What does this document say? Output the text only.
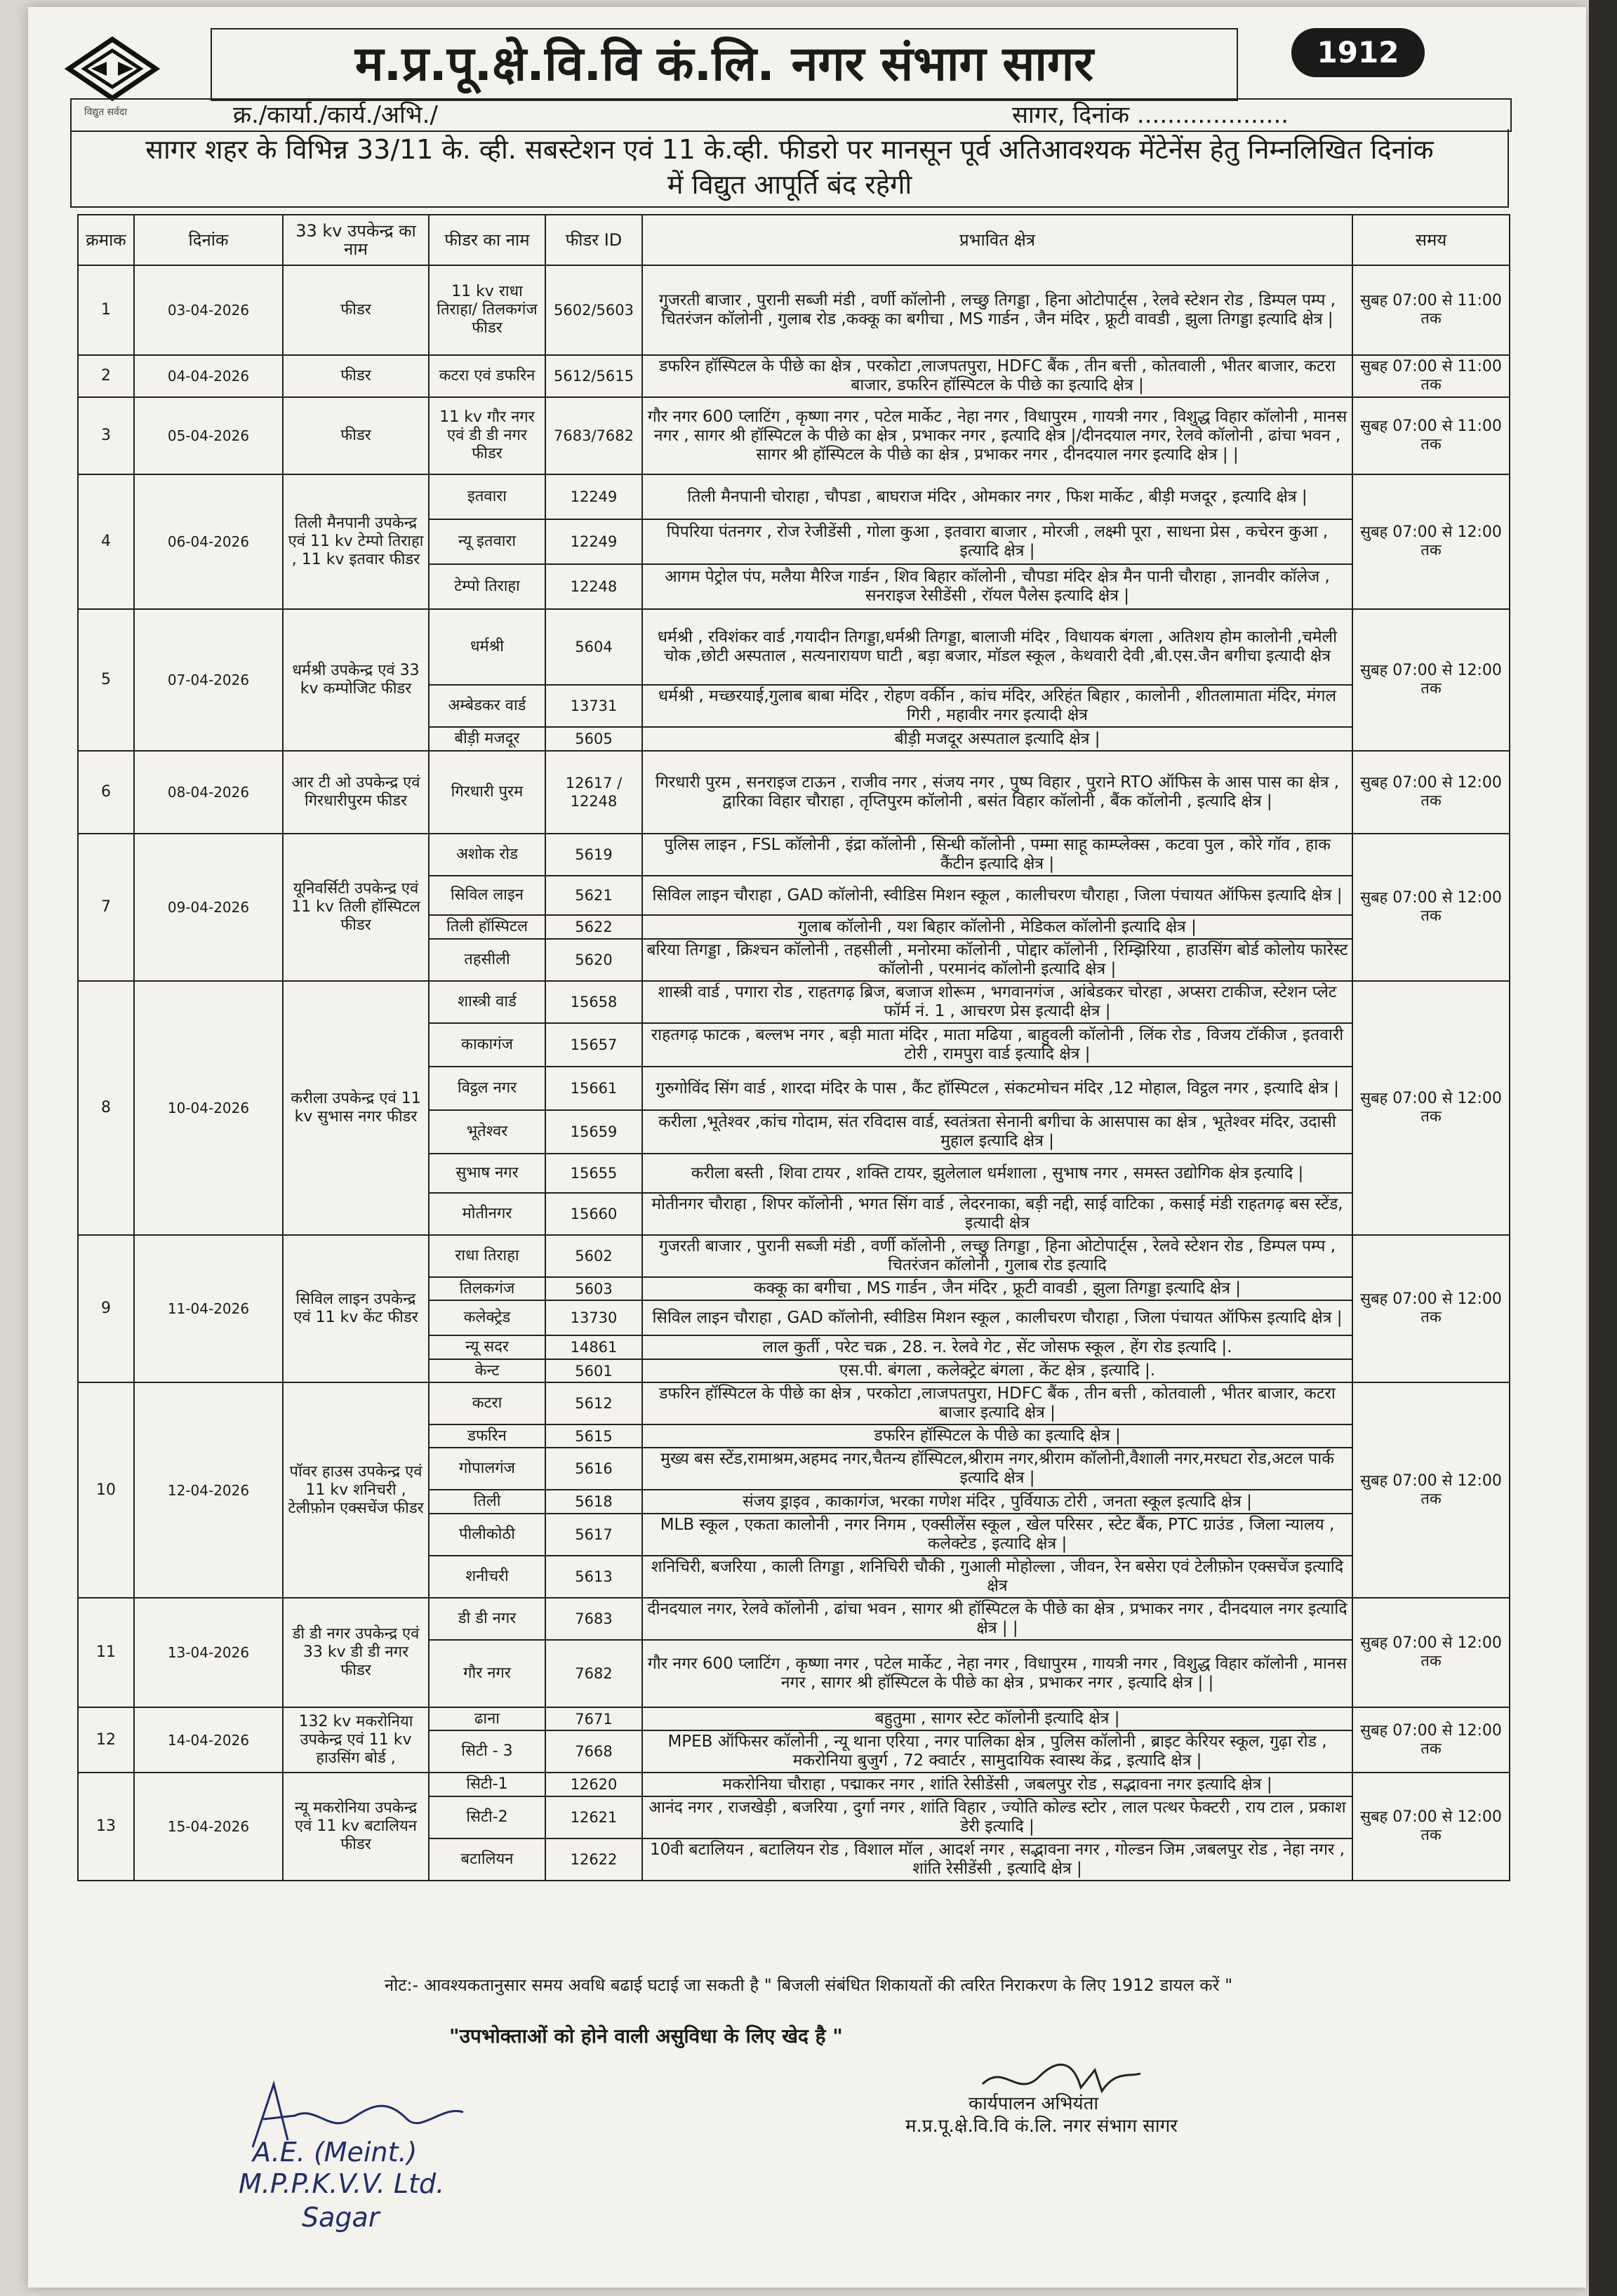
विद्युत सर्वदा
1912
म.प्र.पू.क्षे.वि.वि कं.लि. नगर संभाग सागर
क्र./कार्या./कार्य./अभि./	सागर, दिनांक ....................
सागर शहर के विभिन्न 33/11 के. व्ही. सबस्टेशन एवं 11 के.व्ही. फीडरो पर मानसून पूर्व अतिआवश्यक मेंटेनेंस हेतु निम्नलिखित दिनांक
में विद्युत आपूर्ति बंद रहेगी
क्रमाक	दिनांक	33 kv उपकेन्द्र का नाम	फीडर का नाम	फीडर ID	प्रभावित क्षेत्र	समय
1	03-04-2026	फीडर	11 kv राधा तिराहा/ तिलकगंज फीडर	5602/5603	गुजरती बाजार , पुरानी सब्जी मंडी , वर्णी कॉलोनी , लच्छु तिगड्डा , हिना ओटोपार्ट्स , रेलवे स्टेशन रोड , डिम्पल पम्प , चितरंजन कॉलोनी , गुलाब रोड ,कक्कू का बगीचा , MS गार्डन , जैन मंदिर , फ्रूटी वावडी , झुला तिगड्डा इत्यादि क्षेत्र |	सुबह 07:00 से 11:00 तक
2	04-04-2026	फीडर	कटरा एवं डफरिन	5612/5615	डफरिन हॉस्पिटल के पीछे का क्षेत्र , परकोटा ,लाजपतपुरा, HDFC बैंक , तीन बत्ती , कोतवाली , भीतर बाजार, कटरा बाजार, डफरिन हॉस्पिटल के पीछे का इत्यादि क्षेत्र |	सुबह 07:00 से 11:00 तक
3	05-04-2026	फीडर	11 kv गौर नगर एवं डी डी नगर फीडर	7683/7682	गौर नगर 600 प्लाटिंग , कृष्णा नगर , पटेल मार्केट , नेहा नगर , विधापुरम , गायत्री नगर , विशुद्ध विहार कॉलोनी , मानस नगर , सागर श्री हॉस्पिटल के पीछे का क्षेत्र , प्रभाकर नगर , इत्यादि क्षेत्र |/दीनदयाल नगर, रेलवे कॉलोनी , ढांचा भवन , सागर श्री हॉस्पिटल के पीछे का क्षेत्र , प्रभाकर नगर , दीनदयाल नगर इत्यादि क्षेत्र | |	सुबह 07:00 से 11:00 तक
4	06-04-2026	तिली मैनपानी उपकेन्द्र एवं 11 kv टेम्पो तिराहा , 11 kv इतवार फीडर	इतवारा	12249	तिली मैनपानी चोराहा , चौपडा , बाघराज मंदिर , ओमकार नगर , फिश मार्केट , बीड़ी मजदूर , इत्यादि क्षेत्र |	सुबह 07:00 से 12:00 तक
			न्यू इतवारा	12249	पिपरिया पंतनगर , रोज रेजीडेंसी , गोला कुआ , इतवारा बाजार , मोरजी , लक्ष्मी पूरा , साधना प्रेस , कचेरन कुआ , इत्यादि क्षेत्र |	
			टेम्पो तिराहा	12248	आगम पेट्रोल पंप, मलैया मैरिज गार्डन , शिव बिहार कॉलोनी , चौपडा मंदिर क्षेत्र मैन पानी चौराहा , ज्ञानवीर कॉलेज , सनराइज रेसीडेंसी , रॉयल पैलेस इत्यादि क्षेत्र |	
5	07-04-2026	धर्मश्री उपकेन्द्र एवं 33 kv कम्पोजिट फीडर	धर्मश्री	5604	धर्मश्री , रविशंकर वार्ड ,गयादीन तिगड्डा,धर्मश्री तिगड्डा, बालाजी मंदिर , विधायक बंगला , अतिशय होम कालोनी ,चमेली चोक ,छोटी अस्पताल , सत्यनारायण घाटी , बड़ा बजार, मॉडल स्कूल , केथवारी देवी ,बी.एस.जैन बगीचा इत्यादी क्षेत्र	सुबह 07:00 से 12:00 तक
			अम्बेडकर वार्ड	13731	धर्मश्री , मच्छरयाई,गुलाब बाबा मंदिर , रोहण वर्कीन , कांच मंदिर, अरिहंत बिहार , कालोनी , शीतलामाता मंदिर, मंगल गिरी , महावीर नगर इत्यादी क्षेत्र	
			बीड़ी मजदूर	5605	बीड़ी मजदूर अस्पताल इत्यादि क्षेत्र |	
6	08-04-2026	आर टी ओ उपकेन्द्र एवं गिरधारीपुरम फीडर	गिरधारी पुरम	12617 / 12248	गिरधारी पुरम , सनराइज टाऊन , राजीव नगर , संजय नगर , पुष्प विहार , पुराने RTO ऑफिस के आस पास का क्षेत्र , द्वारिका विहार चौराहा , तृप्तिपुरम कॉलोनी , बसंत विहार कॉलोनी , बैंक कॉलोनी , इत्यादि क्षेत्र |	सुबह 07:00 से 12:00 तक
7	09-04-2026	यूनिवर्सिटी उपकेन्द्र एवं 11 kv तिली हॉस्पिटल फीडर	अशोक रोड	5619	पुलिस लाइन , FSL कॉलोनी , इंद्रा कॉलोनी , सिन्धी कॉलोनी , पम्मा साहू काम्प्लेक्स , कटवा पुल , कोरे गॉव , हाक कैंटीन इत्यादि क्षेत्र |	सुबह 07:00 से 12:00 तक
			सिविल लाइन	5621	सिविल लाइन चौराहा , GAD कॉलोनी, स्वीडिस मिशन स्कूल , कालीचरण चौराहा , जिला पंचायत ऑफिस इत्यादि क्षेत्र |	
			तिली हॉस्पिटल	5622	गुलाब कॉलोनी , यश बिहार कॉलोनी , मेडिकल कॉलोनी इत्यादि क्षेत्र |	
			तहसीली	5620	बरिया तिगड्डा , क्रिश्चन कॉलोनी , तहसीली , मनोरमा कॉलोनी , पोद्दार कॉलोनी , रिम्झिरिया , हाउसिंग बोर्ड कोलोय फारेस्ट कॉलोनी , परमानंद कॉलोनी इत्यादि क्षेत्र |	
8	10-04-2026	करीला उपकेन्द्र एवं 11 kv सुभास नगर फीडर	शास्त्री वार्ड	15658	शास्त्री वार्ड , पगारा रोड , राहतगढ़ ब्रिज, बजाज शोरूम , भगवानगंज , आंबेडकर चोरहा , अप्सरा टाकीज, स्टेशन प्लेट फॉर्म नं. 1 , आचरण प्रेस इत्यादी क्षेत्र |	सुबह 07:00 से 12:00 तक
			काकागंज	15657	राहतगढ़ फाटक , बल्लभ नगर , बड़ी माता मंदिर , माता मढिया , बाहुवली कॉलोनी , लिंक रोड , विजय टॉकीज , इतवारी टोरी , रामपुरा वार्ड इत्यादि क्षेत्र |	
			विट्ठल नगर	15661	गुरुगोविंद सिंग वार्ड , शारदा मंदिर के पास , कैंट हॉस्पिटल , संकटमोचन मंदिर ,12 मोहाल, विट्ठल नगर , इत्यादि क्षेत्र |	
			भूतेश्वर	15659	करीला ,भूतेश्वर ,कांच गोदाम, संत रविदास वार्ड, स्वतंत्रता सेनानी बगीचा के आसपास का क्षेत्र , भूतेश्वर मंदिर, उदासी मुहाल इत्यादि क्षेत्र |	
			सुभाष नगर	15655	करीला बस्ती , शिवा टायर , शक्ति टायर, झुलेलाल धर्मशाला , सुभाष नगर , समस्त उद्योगिक क्षेत्र इत्यादि |	
			मोतीनगर	15660	मोतीनगर चौराहा , शिपर कॉलोनी , भगत सिंग वार्ड , लेदरनाका, बड़ी नद्दी, साई वाटिका , कसाई मंडी राहतगढ़ बस स्टेंड, इत्यादी क्षेत्र	
9	11-04-2026	सिविल लाइन उपकेन्द्र एवं 11 kv केंट फीडर	राधा तिराहा	5602	गुजरती बाजार , पुरानी सब्जी मंडी , वर्णी कॉलोनी , लच्छु तिगड्डा , हिना ओटोपार्ट्स , रेलवे स्टेशन रोड , डिम्पल पम्प , चितरंजन कॉलोनी , गुलाब रोड इत्यादि	सुबह 07:00 से 12:00 तक
			तिलकगंज	5603	कक्कू का बगीचा , MS गार्डन , जैन मंदिर , फ्रूटी वावडी , झुला तिगड्डा इत्यादि क्षेत्र |	
			कलेक्ट्रेड	13730	सिविल लाइन चौराहा , GAD कॉलोनी, स्वीडिस मिशन स्कूल , कालीचरण चौराहा , जिला पंचायत ऑफिस इत्यादि क्षेत्र |	
			न्यू सदर	14861	लाल कुर्ती , परेट चक्र , 28. न. रेलवे गेट , सेंट जोसफ स्कूल , हेंग रोड इत्यादि |.	
			केन्ट	5601	एस.पी. बंगला , कलेक्ट्रेट बंगला , केंट क्षेत्र , इत्यादि |.	
10	12-04-2026	पॉवर हाउस उपकेन्द्र एवं 11 kv शनिचरी , टेलीफ़ोन एक्सचेंज फीडर	कटरा	5612	डफरिन हॉस्पिटल के पीछे का क्षेत्र , परकोटा ,लाजपतपुरा, HDFC बैंक , तीन बत्ती , कोतवाली , भीतर बाजार, कटरा बाजार इत्यादि क्षेत्र |	सुबह 07:00 से 12:00 तक
			डफरिन	5615	डफरिन हॉस्पिटल के पीछे का इत्यादि क्षेत्र |	
			गोपालगंज	5616	मुख्य बस स्टेंड,रामाश्रम,अहमद नगर,चैतन्य हॉस्पिटल,श्रीराम नगर,श्रीराम कॉलोनी,वैशाली नगर,मरघटा रोड,अटल पार्क इत्यादि क्षेत्र |	
			तिली	5618	संजय ड्राइव , काकागंज, भरका गणेश मंदिर , पुर्वियाऊ टोरी , जनता स्कूल इत्यादि क्षेत्र |	
			पीलीकोठी	5617	MLB स्कूल , एकता कालोनी , नगर निगम , एक्सीलेंस स्कूल , खेल परिसर , स्टेट बैंक, PTC ग्राउंड , जिला न्यालय , कलेक्टेड , इत्यादि क्षेत्र |	
			शनीचरी	5613	शनिचिरी, बजरिया , काली तिगड्डा , शनिचिरी चौकी , गुआली मोहोल्ला , जीवन, रेन बसेरा एवं टेलीफ़ोन एक्सचेंज इत्यादि क्षेत्र	
11	13-04-2026	डी डी नगर उपकेन्द्र एवं 33 kv डी डी नगर फीडर	डी डी नगर	7683	दीनदयाल नगर, रेलवे कॉलोनी , ढांचा भवन , सागर श्री हॉस्पिटल के पीछे का क्षेत्र , प्रभाकर नगर , दीनदयाल नगर इत्यादि क्षेत्र | |	सुबह 07:00 से 12:00 तक
			गौर नगर	7682	गौर नगर 600 प्लाटिंग , कृष्णा नगर , पटेल मार्केट , नेहा नगर , विधापुरम , गायत्री नगर , विशुद्ध विहार कॉलोनी , मानस नगर , सागर श्री हॉस्पिटल के पीछे का क्षेत्र , प्रभाकर नगर , इत्यादि क्षेत्र | |	
12	14-04-2026	132 kv मकरोनिया उपकेन्द्र एवं 11 kv हाउसिंग बोर्ड ,	ढाना	7671	बहुतुमा , सागर स्टेट कॉलोनी इत्यादि क्षेत्र |	सुबह 07:00 से 12:00 तक
			सिटी - 3	7668	MPEB ऑफिसर कॉलोनी , न्यू थाना एरिया , नगर पालिका क्षेत्र , पुलिस कॉलोनी , ब्राइट केरियर स्कूल, गुढ़ा रोड , मकरोनिया बुजुर्ग , 72 क्वार्टर , सामुदायिक स्वास्थ केंद्र , इत्यादि क्षेत्र |	
13	15-04-2026	न्यू मकरोनिया उपकेन्द्र एवं 11 kv बटालियन फीडर	सिटी-1	12620	मकरोनिया चौराहा , पद्माकर नगर , शांति रेसीडेंसी , जबलपुर रोड , सद्भावना नगर इत्यादि क्षेत्र |	सुबह 07:00 से 12:00 तक
			सिटी-2	12621	आनंद नगर , राजखेड़ी , बजरिया , दुर्गा नगर , शांति विहार , ज्योति कोल्ड स्टोर , लाल पत्थर फेक्टरी , राय टाल , प्रकाश डेरी इत्यादि |	
			बटालियन	12622	10वी बटालियन , बटालियन रोड , विशाल मॉल , आदर्श नगर , सद्भावना नगर , गोल्डन जिम ,जबलपुर रोड , नेहा नगर , शांति रेसीडेंसी , इत्यादि क्षेत्र |	
नोट:- आवश्यकतानुसार समय अवधि बढाई घटाई जा सकती है " बिजली संबंधित शिकायतों की त्वरित निराकरण के लिए 1912 डायल करें "
"उपभोक्ताओं को होने वाली असुविधा के लिए खेद है "
कार्यपालन अभियंता
म.प्र.पू.क्षे.वि.वि कं.लि. नगर संभाग सागर
A.E. (Meint.)
M.P.P.K.V.V. Ltd.
Sagar
